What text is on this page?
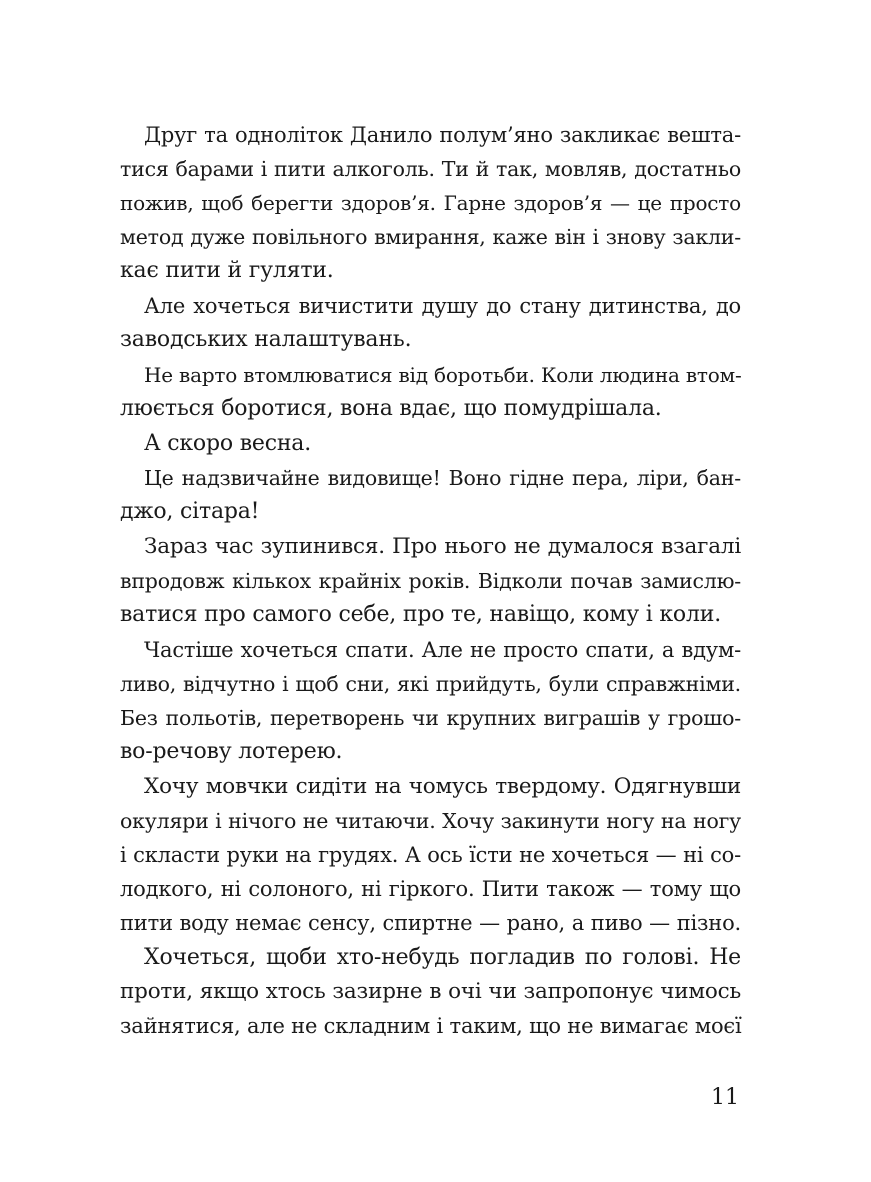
Друг та одноліток Данило полум’яно закликає вешта-
тися барами і пити алкоголь. Ти й так, мовляв, достатньо
пожив, щоб берегти здоров’я. Гарне здоров’я — це просто
метод дуже повільного вмирання, каже він і знову закли-
кає пити й гуляти.
Але хочеться вичистити душу до стану дитинства, до
заводських налаштувань.
Не варто втомлюватися від боротьби. Коли людина втом-
люється боротися, вона вдає, що помудрішала.
А скоро весна.
Це надзвичайне видовище! Воно гідне пера, ліри, бан-
джо, сітара!
Зараз час зупинився. Про нього не думалося взагалі
впродовж кількох крайніх років. Відколи почав замислю-
ватися про самого себе, про те, навіщо, кому і коли.
Частіше хочеться спати. Але не просто спати, а вдум-
ливо, відчутно і щоб сни, які прийдуть, були справжніми.
Без польотів, перетворень чи крупних виграшів у грошо-
во-речову лотерею.
Хочу мовчки сидіти на чомусь твердому. Одягнувши
окуляри і нічого не читаючи. Хочу закинути ногу на ногу
і скласти руки на грудях. А ось їсти не хочеться — ні со-
лодкого, ні солоного, ні гіркого. Пити також — тому що
пити воду немає сенсу, спиртне — рано, а пиво — пізно.
Хочеться, щоби хто-небудь погладив по голові. Не
проти, якщо хтось зазирне в очі чи запропонує чимось
зайнятися, але не складним і таким, що не вимагає моєї
11
